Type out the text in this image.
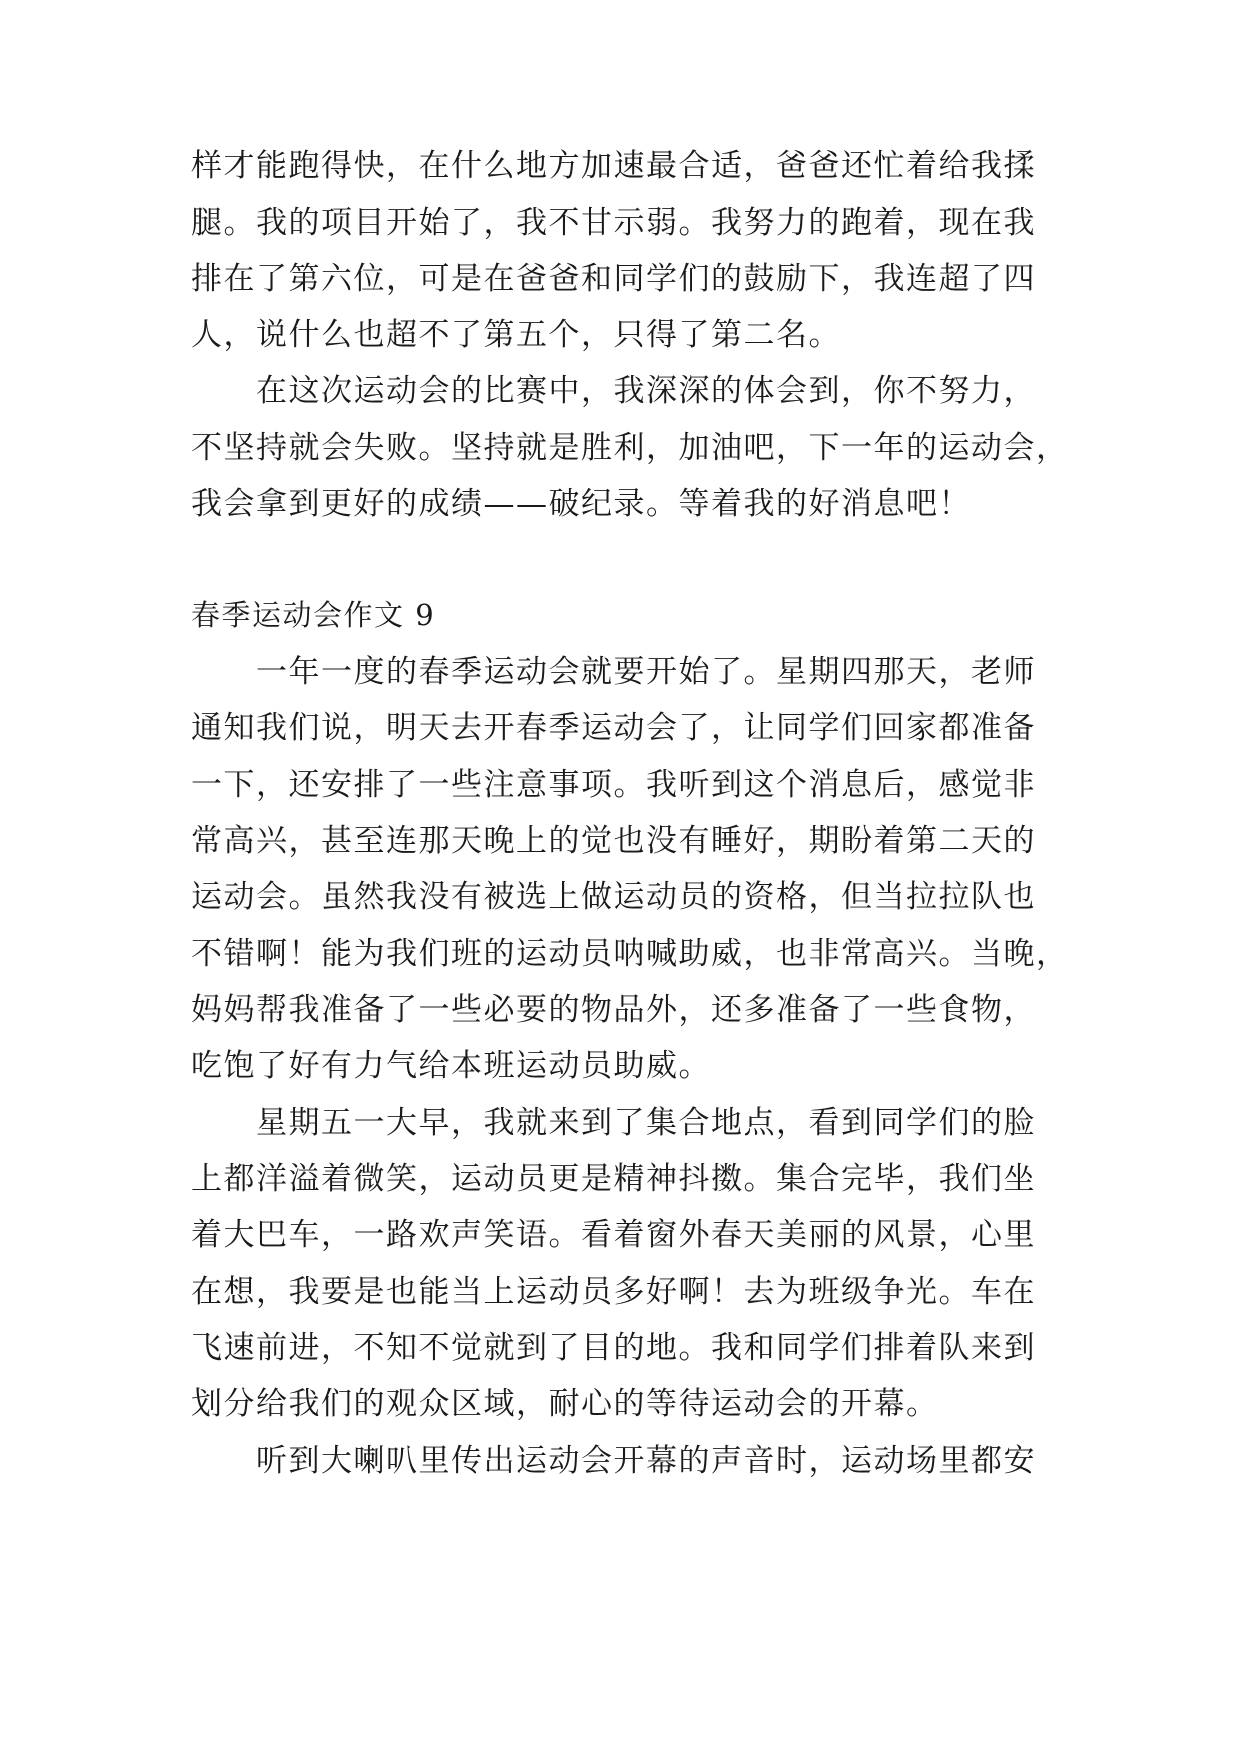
样才能跑得快，在什么地方加速最合适，爸爸还忙着给我揉
腿。我的项目开始了，我不甘示弱。我努力的跑着，现在我
排在了第六位，可是在爸爸和同学们的鼓励下，我连超了四
人，说什么也超不了第五个，只得了第二名。
在这次运动会的比赛中，我深深的体会到，你不努力，
不坚持就会失败。坚持就是胜利，加油吧，下一年的运动会，
我会拿到更好的成绩——破纪录。等着我的好消息吧！
春季运动会作文 9
一年一度的春季运动会就要开始了。星期四那天，老师
通知我们说，明天去开春季运动会了，让同学们回家都准备
一下，还安排了一些注意事项。我听到这个消息后，感觉非
常高兴，甚至连那天晚上的觉也没有睡好，期盼着第二天的
运动会。虽然我没有被选上做运动员的资格，但当拉拉队也
不错啊！能为我们班的运动员呐喊助威，也非常高兴。当晚，
妈妈帮我准备了一些必要的物品外，还多准备了一些食物，
吃饱了好有力气给本班运动员助威。
星期五一大早，我就来到了集合地点，看到同学们的脸
上都洋溢着微笑，运动员更是精神抖擞。集合完毕，我们坐
着大巴车，一路欢声笑语。看着窗外春天美丽的风景，心里
在想，我要是也能当上运动员多好啊！去为班级争光。车在
飞速前进，不知不觉就到了目的地。我和同学们排着队来到
划分给我们的观众区域，耐心的等待运动会的开幕。
听到大喇叭里传出运动会开幕的声音时，运动场里都安
